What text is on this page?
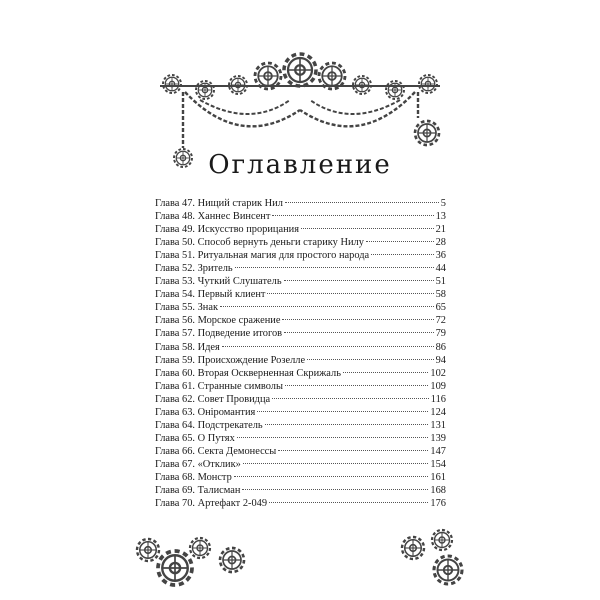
Оглавление
Глава 47. Нищий старик Нил	5
Глава 48. Ханнес Винсент	13
Глава 49. Искусство прорицания	21
Глава 50. Способ вернуть деньги старику Нилу	28
Глава 51. Ритуальная магия для простого народа	36
Глава 52. Зритель	44
Глава 53. Чуткий Слушатель	51
Глава 54. Первый клиент	58
Глава 55. Знак	65
Глава 56. Морское сражение	72
Глава 57. Подведение итогов	79
Глава 58. Идея	86
Глава 59. Происхождение Розелле	94
Глава 60. Вторая Оскверненная Скрижаль	102
Глава 61. Странные символы	109
Глава 62. Совет Провидца	116
Глава 63. Онiромантия	124
Глава 64. Подстрекатель	131
Глава 65. О Путях	139
Глава 66. Секта Демонессы	147
Глава 67. «Отклик»	154
Глава 68. Монстр	161
Глава 69. Талисман	168
Глава 70. Артефакт 2-049	176
